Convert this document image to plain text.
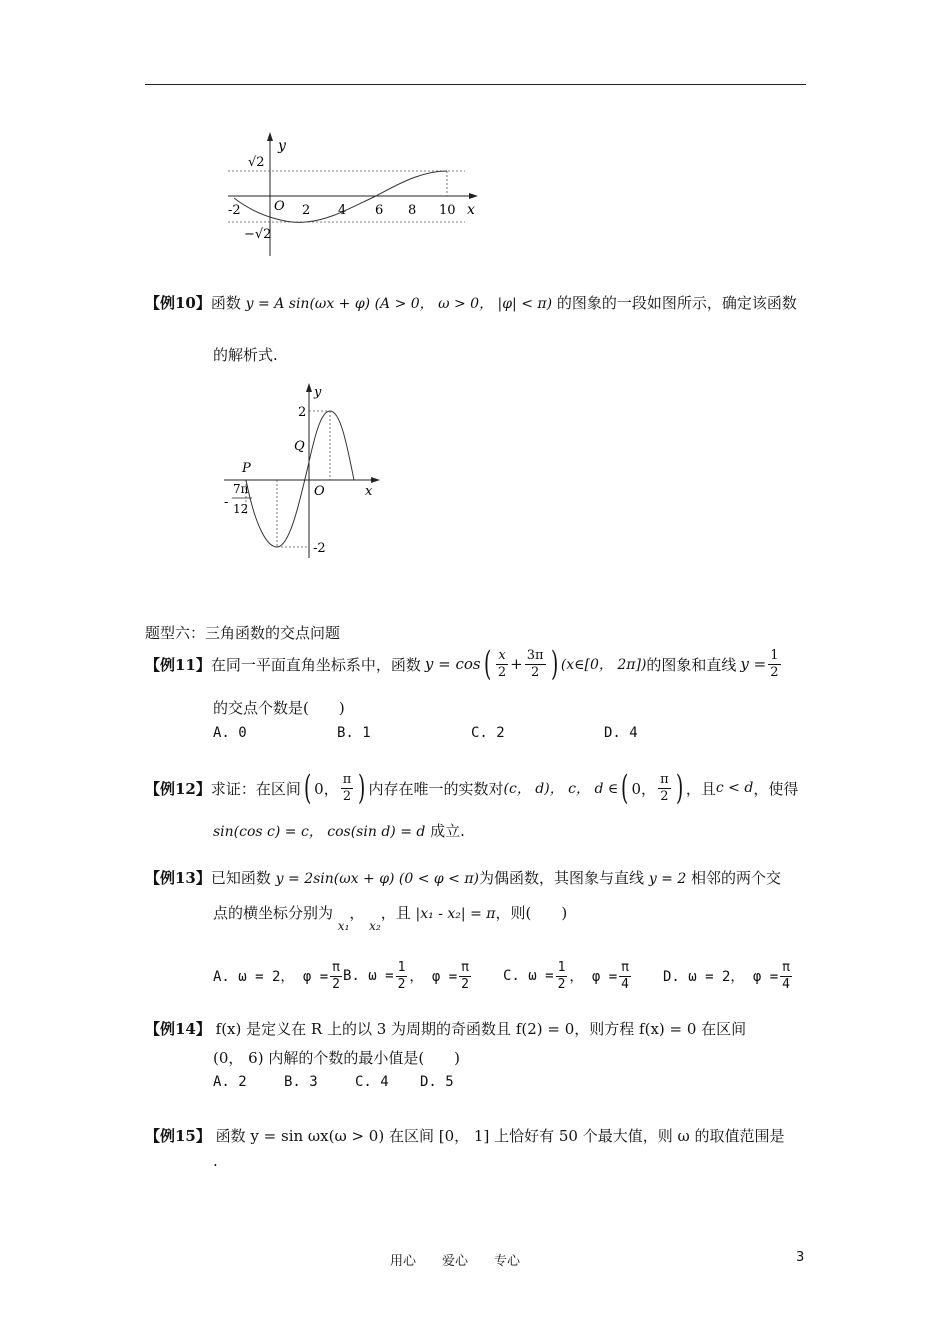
y
√2
O
-2	2 4 6 8 10 x
−√2
【例10】函数 y = A sin(ωx + φ) (A > 0， ω > 0， |φ| < π) 的图象的一段如图所示，确定该函数
的解析式.
y
2
Q
P
O	x
7π
- 12
-2
题型六：三角函数的交点问题
【例11】 在同一平面直角坐标系中，函数 y = cos ( $\frac{x}{2} + \frac{3\pi}{2}$ ) (x∈[0， 2π]) 的图象和直线 $y = \frac{1}{2}$
的交点个数是(　　)
A. 0	B. 1	C. 2	D. 4
【例12】 求证：在区间 ( 0， $\frac{\pi}{2}$ ) 内存在唯一的实数对 (c， d) ， c， d ∈ ( 0， $\frac{\pi}{2}$ ) ，且 c < d ，使得
sin(cos c) = c， cos(sin d) = d 成立.
【例13】已知函数 y = 2sin(ωx + φ) (0 < φ < π)为偶函数，其图象与直线 y = 2 相邻的两个交
点的横坐标分别为 $_{x_1}$， $_{x_2}$，且 |x₁ - x₂| = π，则(　　)
A. ω = 2， $\varphi = \frac{\pi}{2} B$. $\omega = \frac{1}{2}$ ， $\varphi = \frac{\pi}{2} C$. $\omega = \frac{1}{2}$ ， $\varphi = \frac{\pi}{4} D$. ω = 2， $\varphi = \frac{\pi}{4}$
【例14】 f(x) 是定义在 R 上的以 3 为周期的奇函数且 f(2) = 0，则方程 f(x) = 0 在区间
(0， 6) 内解的个数的最小值是(　　)
A. 2	B. 3	C. 4 D. 5
【例15】 函数 y = sin ωx(ω > 0) 在区间 [0， 1] 上恰好有 50 个最大值，则 ω 的取值范围是
.
用心　　爱心　　专心	3
